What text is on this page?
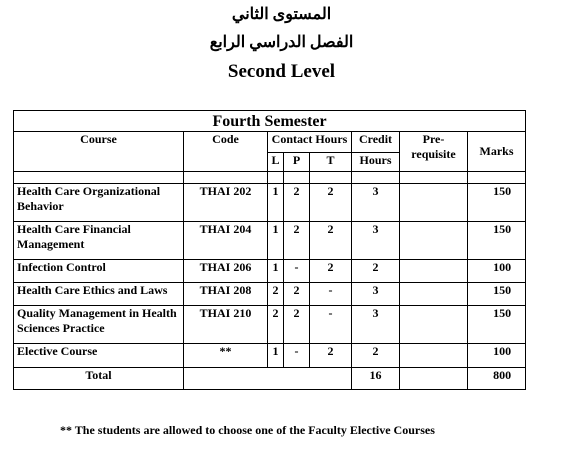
المستوى الثاني
الفصل الدراسي الرابع
Second Level
Fourth Semester							
Course	Code	Contact Hours			Credit	Pre-requisite	Marks
		L	P	T	Hours		

Health Care Organizational Behavior	THAI 202	1	2	2	3		150
Health Care Financial Management	THAI 204	1	2	2	3		150
Infection Control	THAI 206	1	-	2	2		100
Health Care Ethics and Laws	THAI 208	2	2	-	3		150
Quality Management in Health Sciences Practice	THAI 210	2	2	-	3		150
Elective Course	**	1	-	2	2		100
Total					16		800
** The students are allowed to choose one of the Faculty Elective Courses
